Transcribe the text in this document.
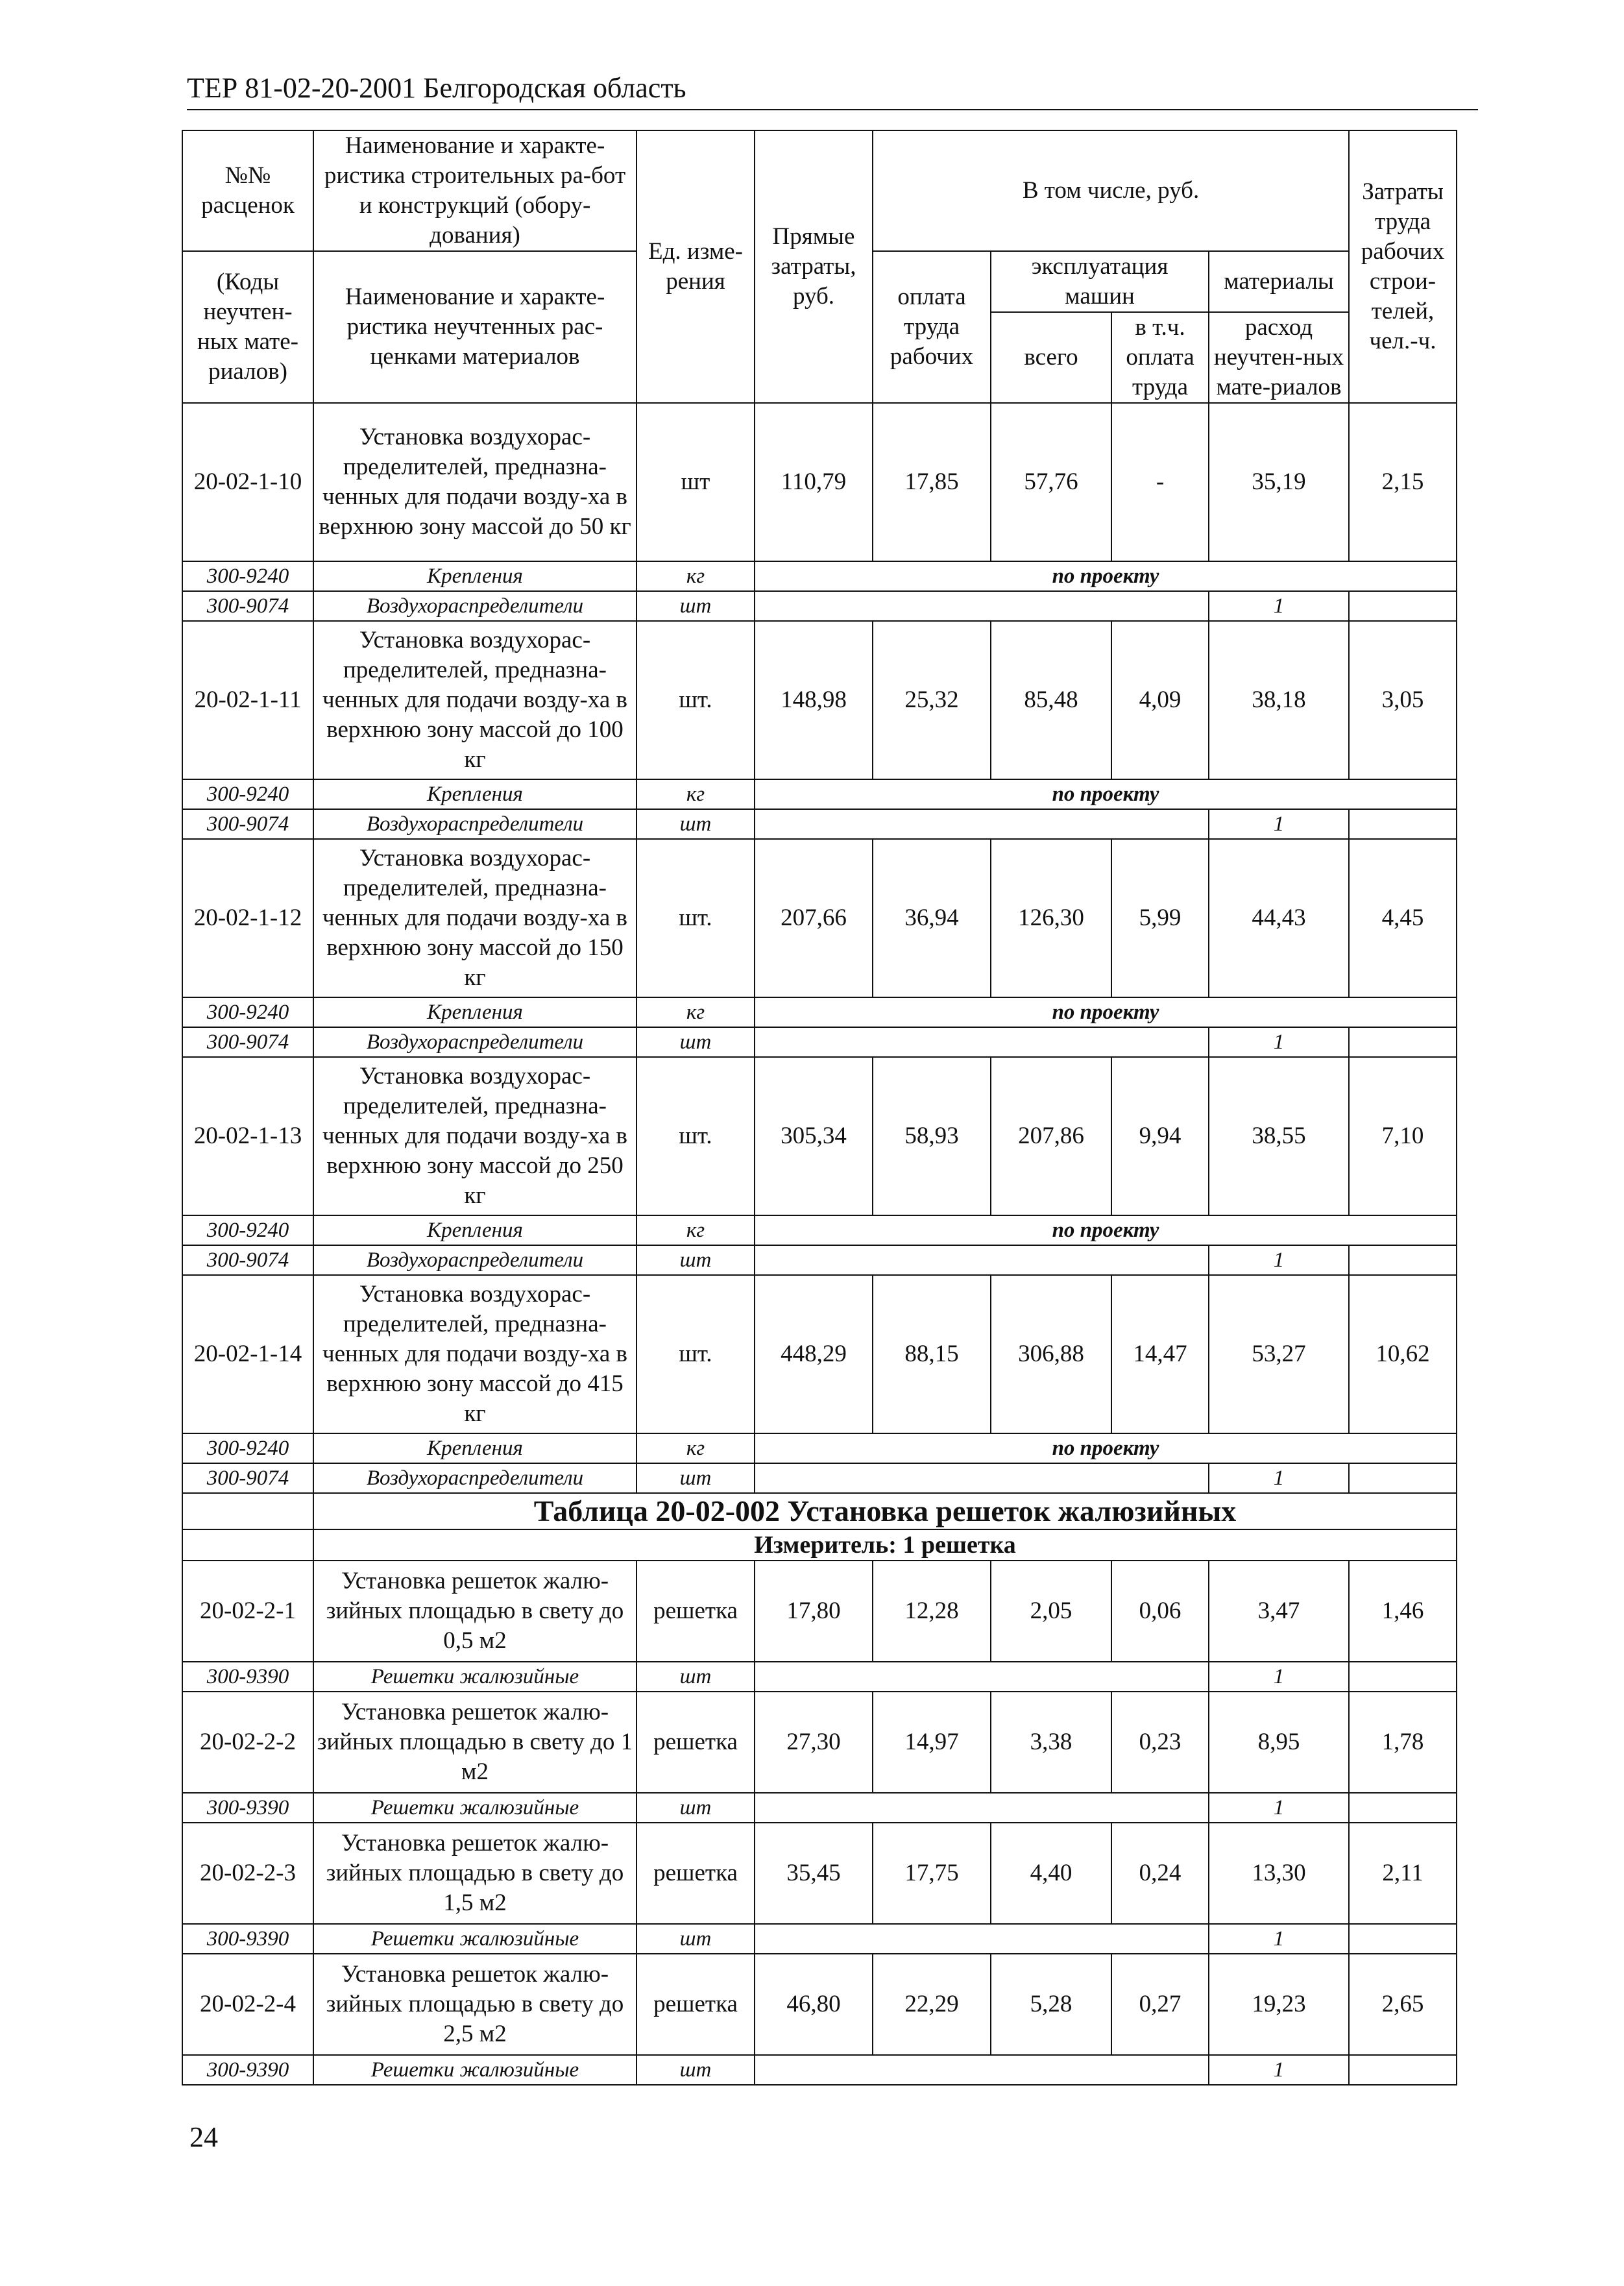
ТЕР 81-02-20-2001 Белгородская область
№№ расценок	Наименование и характе-ристика строительных ра-бот и конструкций (обору-дования)	Ед. изме-рения	Прямые затраты, руб.	В том числе, руб.				Затраты труда рабочих строи-телей, чел.-ч.
(Коды неучтен-ных мате-риалов)	Наименование и характе-ристика неучтенных рас-ценками материалов			оплата труда рабочих	эксплуатация машин		материалы	
					всего	в т.ч. оплата труда	расход неучтен-ных мате-риалов	
20-02-1-10	Установка воздухорас-пределителей, предназна-ченных для подачи возду-ха в верхнюю зону массой до 50 кг	шт	110,79	17,85	57,76	-	35,19	2,15
300-9240	Крепления	кг	по проекту					
300-9074	Воздухораспределители	шт					1	
20-02-1-11	Установка воздухорас-пределителей, предназна-ченных для подачи возду-ха в верхнюю зону массой до 100 кг	шт.	148,98	25,32	85,48	4,09	38,18	3,05
300-9240	Крепления	кг	по проекту					
300-9074	Воздухораспределители	шт					1	
20-02-1-12	Установка воздухорас-пределителей, предназна-ченных для подачи возду-ха в верхнюю зону массой до 150 кг	шт.	207,66	36,94	126,30	5,99	44,43	4,45
300-9240	Крепления	кг	по проекту					
300-9074	Воздухораспределители	шт					1	
20-02-1-13	Установка воздухорас-пределителей, предназна-ченных для подачи возду-ха в верхнюю зону массой до 250 кг	шт.	305,34	58,93	207,86	9,94	38,55	7,10
300-9240	Крепления	кг	по проекту					
300-9074	Воздухораспределители	шт					1	
20-02-1-14	Установка воздухорас-пределителей, предназна-ченных для подачи возду-ха в верхнюю зону массой до 415 кг	шт.	448,29	88,15	306,88	14,47	53,27	10,62
300-9240	Крепления	кг	по проекту					
300-9074	Воздухораспределители	шт					1	
	Таблица 20-02-002 Установка решеток жалюзийных							
	Измеритель: 1 решетка							
20-02-2-1	Установка решеток жалю-зийных площадью в свету до 0,5 м2	решетка	17,80	12,28	2,05	0,06	3,47	1,46
300-9390	Решетки жалюзийные	шт					1	
20-02-2-2	Установка решеток жалю-зийных площадью в свету до 1 м2	решетка	27,30	14,97	3,38	0,23	8,95	1,78
300-9390	Решетки жалюзийные	шт					1	
20-02-2-3	Установка решеток жалю-зийных площадью в свету до 1,5 м2	решетка	35,45	17,75	4,40	0,24	13,30	2,11
300-9390	Решетки жалюзийные	шт					1	
20-02-2-4	Установка решеток жалю-зийных площадью в свету до 2,5 м2	решетка	46,80	22,29	5,28	0,27	19,23	2,65
300-9390	Решетки жалюзийные	шт					1	
24
